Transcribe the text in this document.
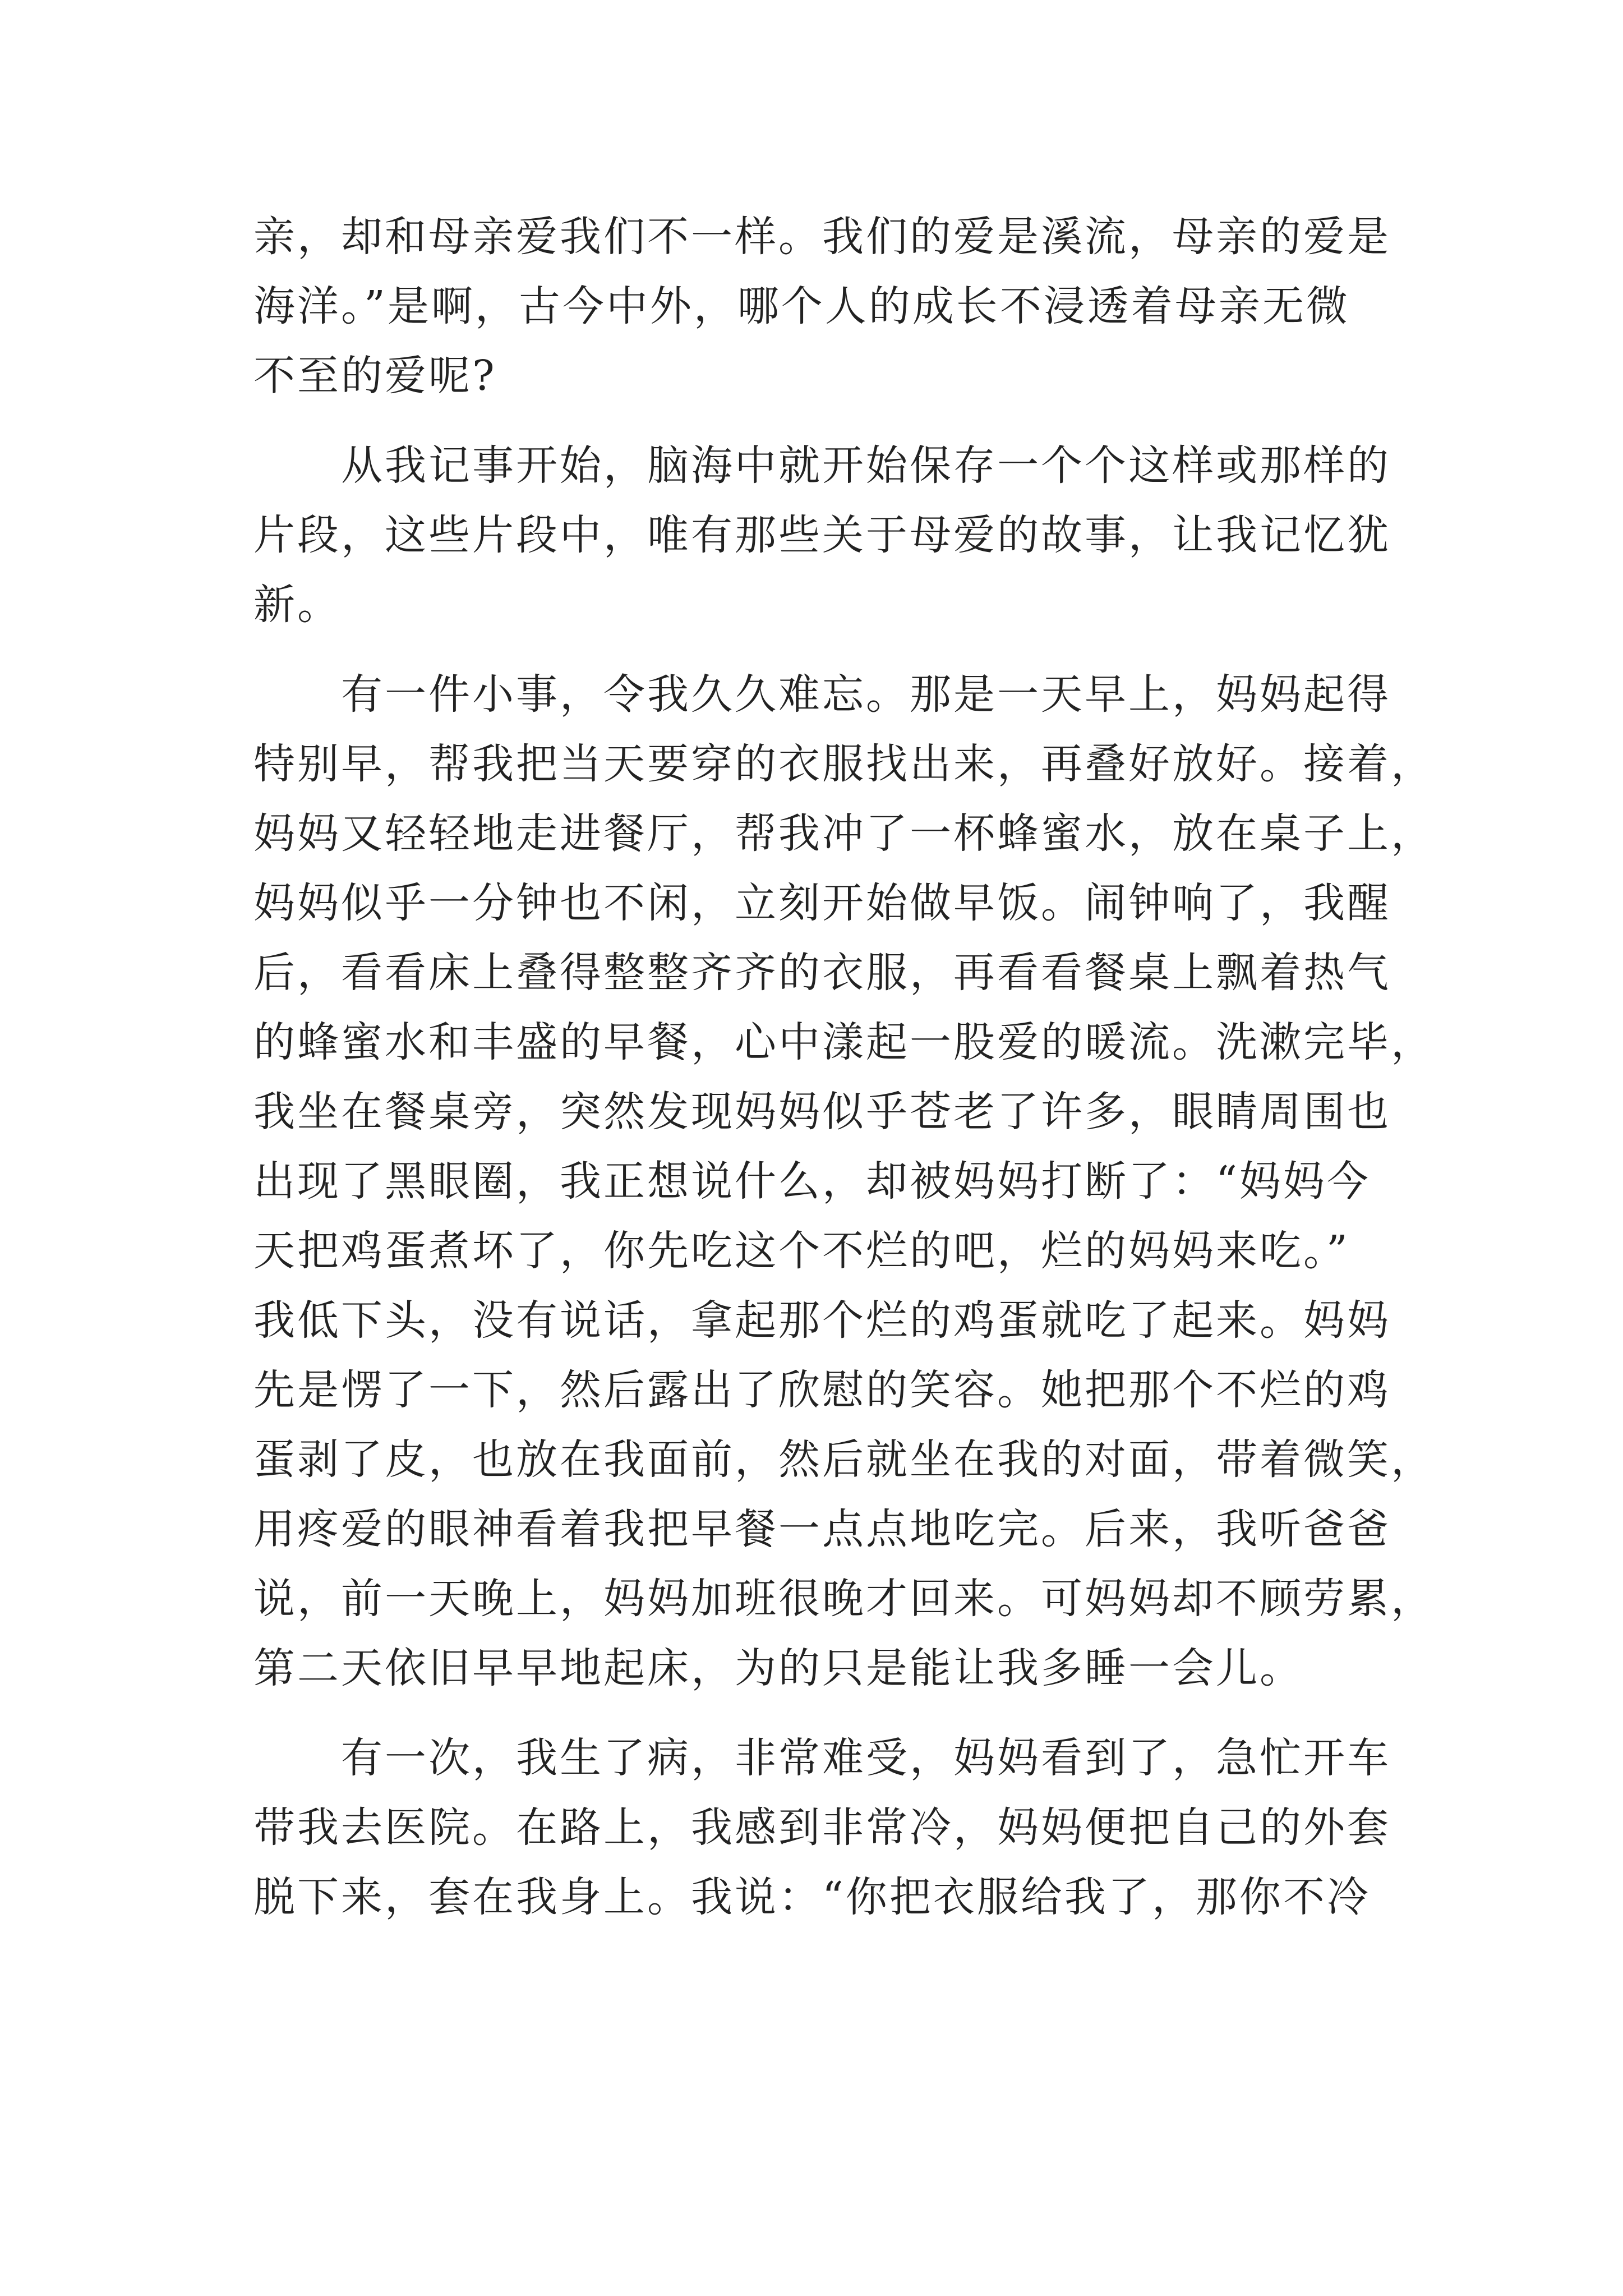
亲，却和母亲爱我们不一样。我们的爱是溪流，母亲的爱是
海洋。”是啊，古今中外，哪个人的成长不浸透着母亲无微
不至的爱呢?
　　从我记事开始，脑海中就开始保存一个个这样或那样的
片段，这些片段中，唯有那些关于母爱的故事，让我记忆犹
新。
　　有一件小事，令我久久难忘。那是一天早上，妈妈起得
特别早，帮我把当天要穿的衣服找出来，再叠好放好。接着，
妈妈又轻轻地走进餐厅，帮我冲了一杯蜂蜜水，放在桌子上，
妈妈似乎一分钟也不闲，立刻开始做早饭。闹钟响了，我醒
后，看看床上叠得整整齐齐的衣服，再看看餐桌上飘着热气
的蜂蜜水和丰盛的早餐，心中漾起一股爱的暖流。洗漱完毕，
我坐在餐桌旁，突然发现妈妈似乎苍老了许多，眼睛周围也
出现了黑眼圈，我正想说什么，却被妈妈打断了：“妈妈今
天把鸡蛋煮坏了，你先吃这个不烂的吧，烂的妈妈来吃。”
我低下头，没有说话，拿起那个烂的鸡蛋就吃了起来。妈妈
先是愣了一下，然后露出了欣慰的笑容。她把那个不烂的鸡
蛋剥了皮，也放在我面前，然后就坐在我的对面，带着微笑，
用疼爱的眼神看着我把早餐一点点地吃完。后来，我听爸爸
说，前一天晚上，妈妈加班很晚才回来。可妈妈却不顾劳累，
第二天依旧早早地起床，为的只是能让我多睡一会儿。
　　有一次，我生了病，非常难受，妈妈看到了，急忙开车
带我去医院。在路上，我感到非常冷，妈妈便把自己的外套
脱下来，套在我身上。我说：“你把衣服给我了，那你不冷
